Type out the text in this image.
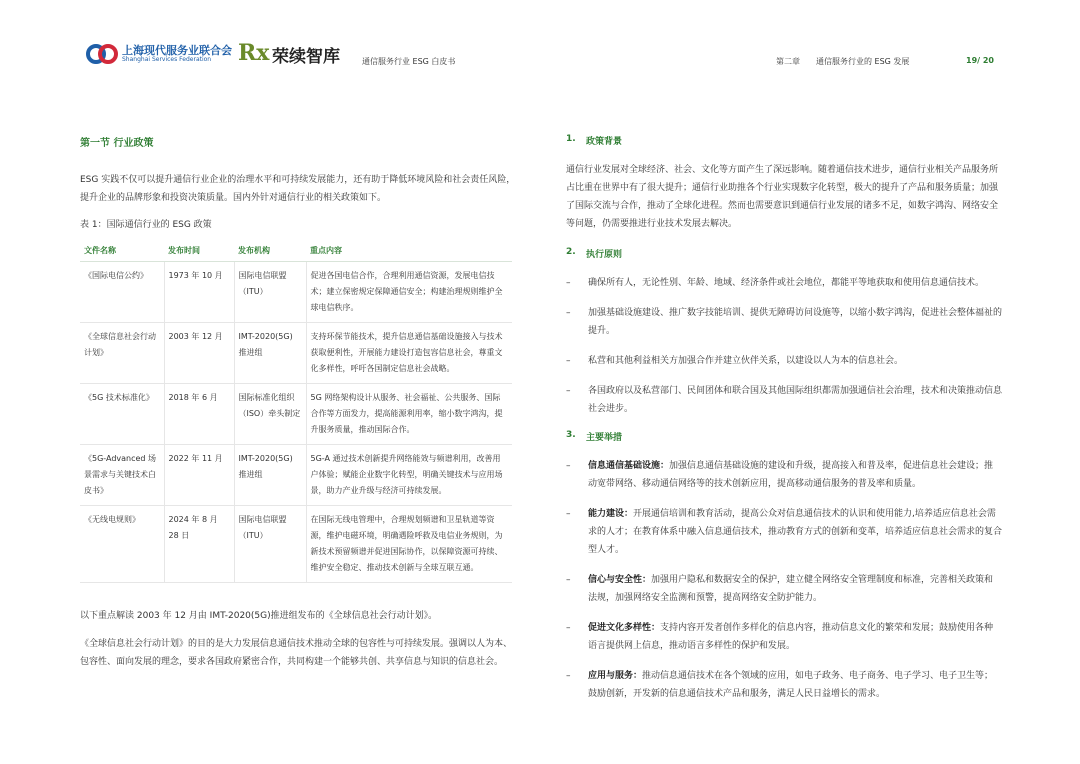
上海现代服务业联合会
Shanghai Services Federation Rx 荣续智库	通信服务行业 ESG 白皮书	第二章 通信服务行业的 ESG 发展	19/ 20
第一节 行业政策

ESG 实践不仅可以提升通信行业企业的治理水平和可持续发展能力，还有助于降低环境风险和社会责任风险，提升企业的品牌形象和投资决策质量。国内外针对通信行业的相关政策如下。

表 1：国际通信行业的 ESG 政策
文件名称	发布时间	发布机构	重点内容
《国际电信公约》	1973 年 10 月	国际电信联盟（ITU）	促进各国电信合作，合理利用通信资源，发展电信技术；建立保密规定保障通信安全；构建治理规则维护全球电信秩序。
《全球信息社会行动计划》	2003 年 12 月	IMT-2020(5G) 推进组	支持环保节能技术，提升信息通信基础设施接入与技术获取便利性，开展能力建设打造包容信息社会，尊重文化多样性，呼吁各国制定信息社会战略。
《5G 技术标准化》	2018 年 6 月	国际标准化组织（ISO）牵头制定	5G 网络架构设计从服务、社会福祉、公共服务、国际合作等方面发力，提高能源利用率，缩小数字鸿沟，提升服务质量，推动国际合作。
《5G-Advanced 场景需求与关键技术白皮书》	2022 年 11 月	IMT-2020(5G) 推进组	5G-A 通过技术创新提升网络能效与频谱利用，改善用户体验；赋能企业数字化转型，明确关键技术与应用场景，助力产业升级与经济可持续发展。
《无线电规则》	2024 年 8 月 28 日	国际电信联盟（ITU）	在国际无线电管理中，合理规划频谱和卫星轨道等资源，维护电磁环境，明确遇险呼救及电信业务规则，为新技术预留频谱并促进国际协作，以保障资源可持续、维护安全稳定、推动技术创新与全球互联互通。

以下重点解读 2003 年 12 月由 IMT-2020(5G)推进组发布的《全球信息社会行动计划》。

《全球信息社会行动计划》的目的是大力发展信息通信技术推动全球的包容性与可持续发展。强调以人为本、包容性、面向发展的理念，要求各国政府紧密合作，共同构建一个能够共创、共享信息与知识的信息社会。

1.	政策背景

通信行业发展对全球经济、社会、文化等方面产生了深远影响。随着通信技术进步，通信行业相关产品服务所占比重在世界中有了很大提升；通信行业助推各个行业实现数字化转型，极大的提升了产品和服务质量；加强了国际交流与合作，推动了全球化进程。然而也需要意识到通信行业发展的诸多不足，如数字鸿沟、网络安全等问题，仍需要推进行业技术发展去解决。

2.	执行原则
– 确保所有人，无论性别、年龄、地域、经济条件或社会地位，都能平等地获取和使用信息通信技术。
– 加强基础设施建设、推广数字技能培训、提供无障碍访问设施等，以缩小数字鸿沟，促进社会整体福祉的提升。
– 私营和其他利益相关方加强合作并建立伙伴关系，以建设以人为本的信息社会。
– 各国政府以及私营部门、民间团体和联合国及其他国际组织都需加强通信社会治理，技术和决策推动信息社会进步。
3.	主要举措
– 信息通信基础设施：加强信息通信基础设施的建设和升级，提高接入和普及率，促进信息社会建设；推动宽带网络、移动通信网络等的技术创新应用，提高移动通信服务的普及率和质量。
– 能力建设：开展通信培训和教育活动，提高公众对信息通信技术的认识和使用能力,培养适应信息社会需求的人才；在教育体系中融入信息通信技术，推动教育方式的创新和变革，培养适应信息社会需求的复合型人才。
– 信心与安全性：加强用户隐私和数据安全的保护，建立健全网络安全管理制度和标准，完善相关政策和法规，加强网络安全监测和预警，提高网络安全防护能力。
– 促进文化多样性：支持内容开发者创作多样化的信息内容，推动信息文化的繁荣和发展；鼓励使用各种语言提供网上信息，推动语言多样性的保护和发展。
– 应用与服务：推动信息通信技术在各个领域的应用，如电子政务、电子商务、电子学习、电子卫生等；鼓励创新，开发新的信息通信技术产品和服务，满足人民日益增长的需求。
